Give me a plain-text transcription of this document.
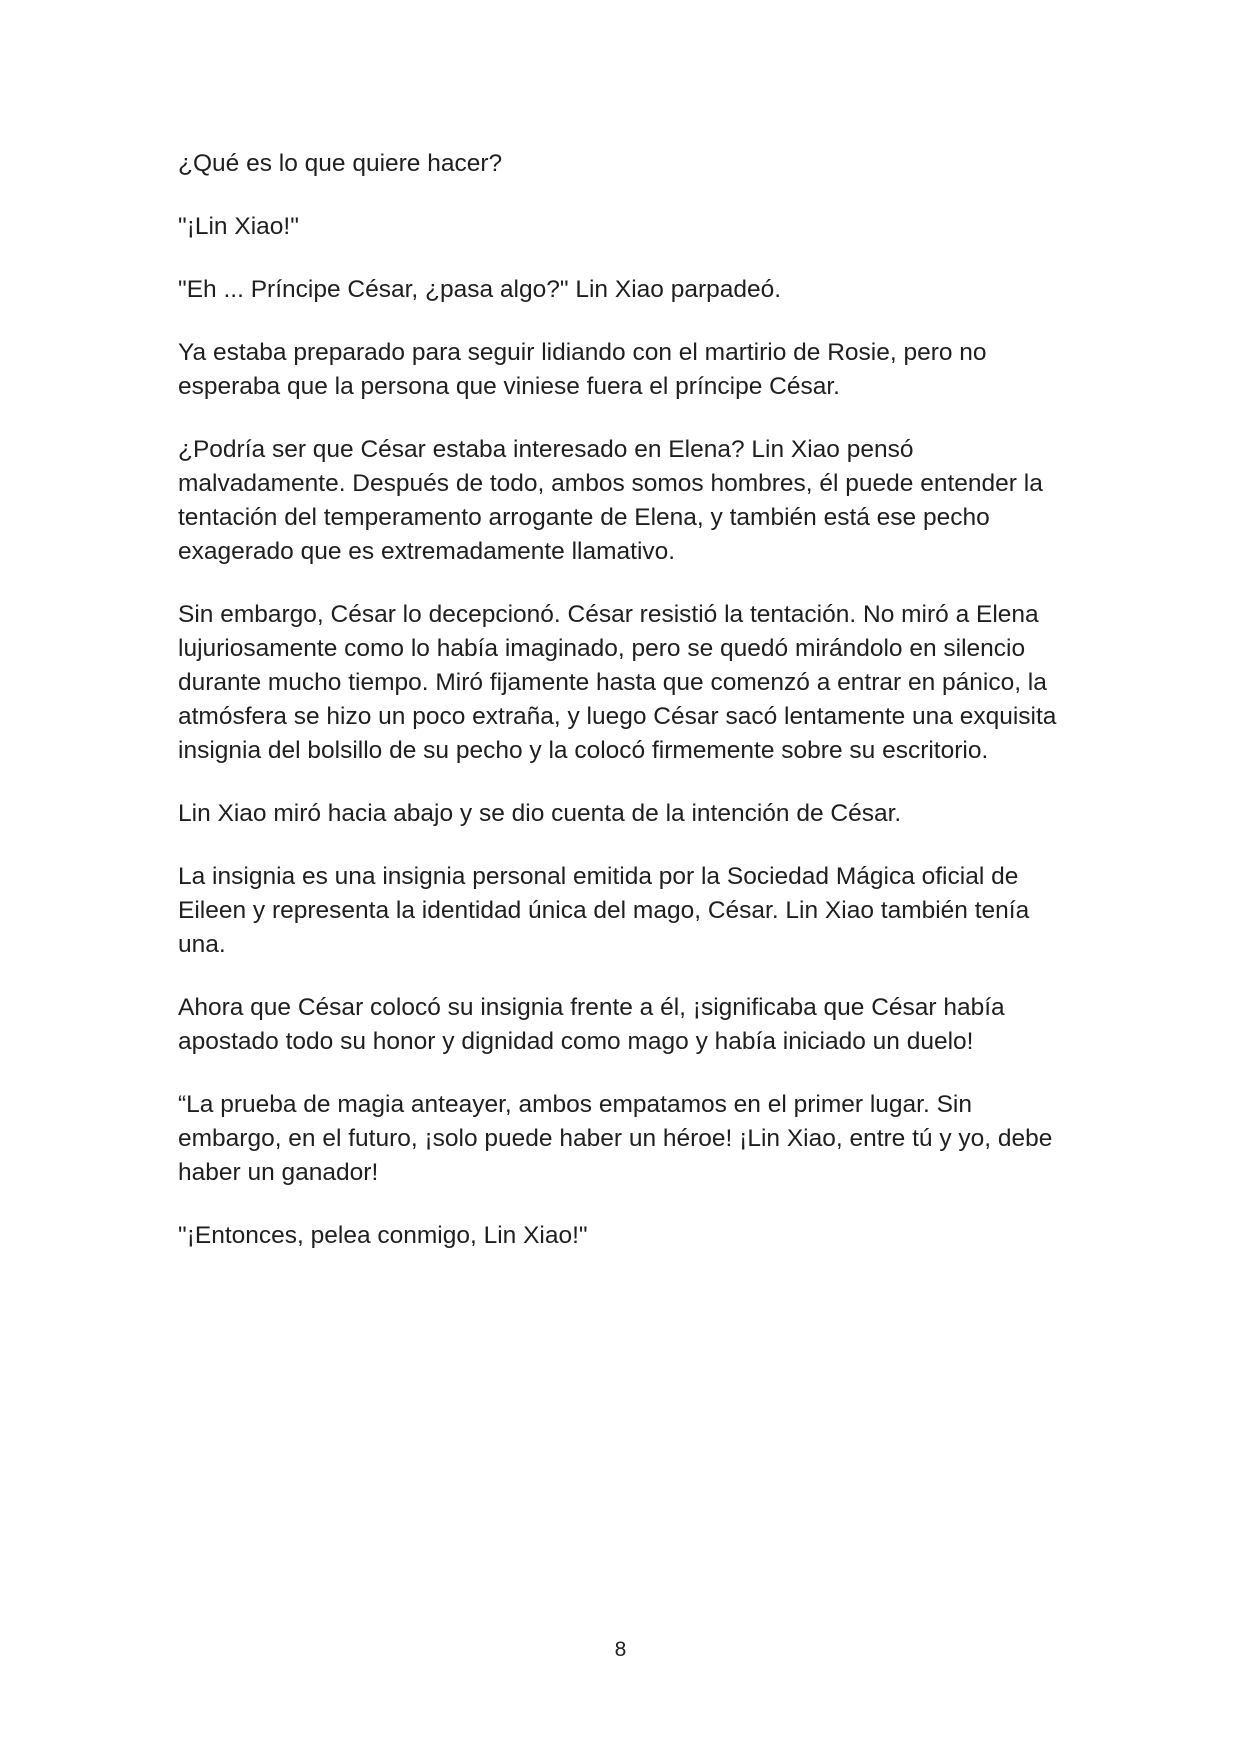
¿Qué es lo que quiere hacer?

"¡Lin Xiao!"

"Eh ... Príncipe César, ¿pasa algo?" Lin Xiao parpadeó.

Ya estaba preparado para seguir lidiando con el martirio de Rosie, pero no esperaba que la persona que viniese fuera el príncipe César.

¿Podría ser que César estaba interesado en Elena? Lin Xiao pensó malvadamente. Después de todo, ambos somos hombres, él puede entender la tentación del temperamento arrogante de Elena, y también está ese pecho exagerado que es extremadamente llamativo.

Sin embargo, César lo decepcionó. César resistió la tentación. No miró a Elena lujuriosamente como lo había imaginado, pero se quedó mirándolo en silencio durante mucho tiempo. Miró fijamente hasta que comenzó a entrar en pánico, la atmósfera se hizo un poco extraña, y luego César sacó lentamente una exquisita insignia del bolsillo de su pecho y la colocó firmemente sobre su escritorio.

Lin Xiao miró hacia abajo y se dio cuenta de la intención de César.

La insignia es una insignia personal emitida por la Sociedad Mágica oficial de Eileen y representa la identidad única del mago, César. Lin Xiao también tenía una.

Ahora que César colocó su insignia frente a él, ¡significaba que César había apostado todo su honor y dignidad como mago y había iniciado un duelo!

“La prueba de magia anteayer, ambos empatamos en el primer lugar. Sin embargo, en el futuro, ¡solo puede haber un héroe! ¡Lin Xiao, entre tú y yo, debe haber un ganador!

"¡Entonces, pelea conmigo, Lin Xiao!"

8
